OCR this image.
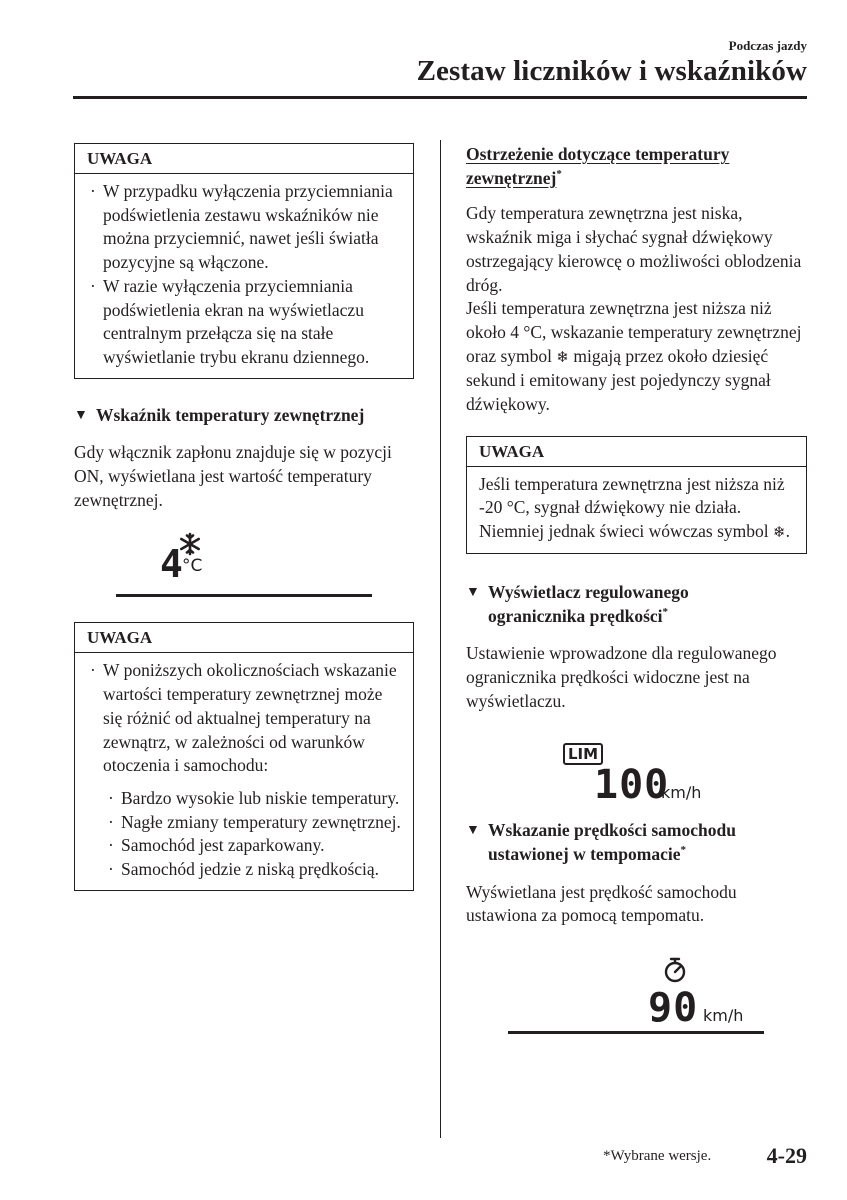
Podczas jazdy
Zestaw liczników i wskaźników
UWAGA
· W przypadku wyłączenia przyciemniania podświetlenia zestawu wskaźników nie można przyciemnić, nawet jeśli światła pozycyjne są włączone.
· W razie wyłączenia przyciemniania podświetlenia ekran na wyświetlaczu centralnym przełącza się na stałe wyświetlanie trybu ekranu dziennego.
▼ Wskaźnik temperatury zewnętrznej
Gdy włącznik zapłonu znajduje się w pozycji ON, wyświetlana jest wartość temperatury zewnętrznej.
4 °C
UWAGA
· W poniższych okolicznościach wskazanie wartości temperatury zewnętrznej może się różnić od aktualnej temperatury na zewnątrz, w zależności od warunków otoczenia i samochodu:
· Bardzo wysokie lub niskie temperatury.
· Nagłe zmiany temperatury zewnętrznej.
· Samochód jest zaparkowany.
· Samochód jedzie z niską prędkością.
Ostrzeżenie dotyczące temperatury zewnętrznej*
Gdy temperatura zewnętrzna jest niska, wskaźnik miga i słychać sygnał dźwiękowy ostrzegający kierowcę o możliwości oblodzenia dróg.
Jeśli temperatura zewnętrzna jest niższa niż około 4 °C, wskazanie temperatury zewnętrznej oraz symbol ❄ migają przez około dziesięć sekund i emitowany jest pojedynczy sygnał dźwiękowy.
UWAGA
Jeśli temperatura zewnętrzna jest niższa niż -20 °C, sygnał dźwiękowy nie działa. Niemniej jednak świeci wówczas symbol ❄.
▼ Wyświetlacz regulowanego
ogranicznika prędkości*
Ustawienie wprowadzone dla regulowanego ogranicznika prędkości widoczne jest na wyświetlaczu.
LIM
100
km/h
▼ Wskazanie prędkości samochodu
ustawionej w tempomacie*
Wyświetlana jest prędkość samochodu ustawiona za pomocą tempomatu.
90 km/h
*Wybrane wersje.	4-29
